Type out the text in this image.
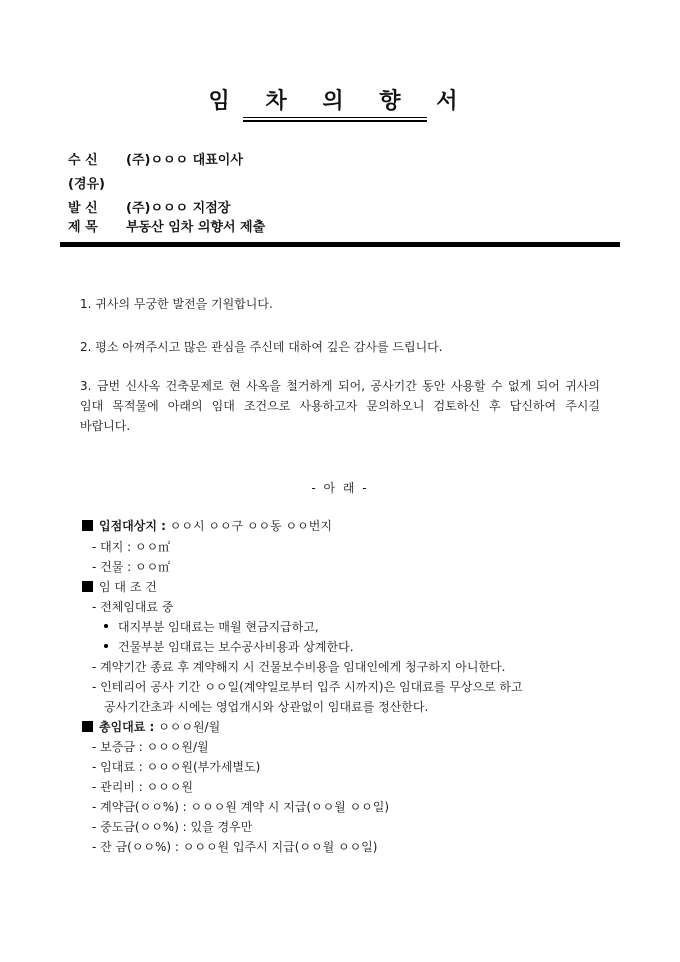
임 차 의 향 서
수 신 (주)ㅇㅇㅇ 대표이사
(경유)
발 신 (주)ㅇㅇㅇ 지점장
제 목 부동산 임차 의향서 제출
1. 귀사의 무궁한 발전을 기원합니다.
2. 평소 아껴주시고 많은 관심을 주신데 대하여 깊은 감사를 드립니다.
3. 금번 신사옥 건축문제로 현 사옥을 철거하게 되어, 공사기간 동안 사용할 수 없게 되어 귀사의 임대 목적물에 아래의 임대 조건으로 사용하고자 문의하오니 검토하신 후 답신하여 주시길 바랍니다.
- 아 래 -
입점대상지 : ㅇㅇ시 ㅇㅇ구 ㅇㅇ동 ㅇㅇ번지
- 대지 : ㅇㅇ㎡
- 건물 : ㅇㅇ㎡
임 대 조 건
- 전체임대료 중
대지부분 임대료는 매월 현금지급하고,
건물부분 임대료는 보수공사비용과 상계한다.
- 계약기간 종료 후 계약해지 시 건물보수비용을 임대인에게 청구하지 아니한다.
- 인테리어 공사 기간 ㅇㅇ일(계약일로부터 입주 시까지)은 임대료를 무상으로 하고
공사기간초과 시에는 영업개시와 상관없이 임대료를 정산한다.
총임대료 : ㅇㅇㅇ원/월
- 보증금 : ㅇㅇㅇ원/월
- 임대료 : ㅇㅇㅇ원(부가세별도)
- 관리비 : ㅇㅇㅇ원
- 계약금(ㅇㅇ%) : ㅇㅇㅇ원 계약 시 지급(ㅇㅇ월 ㅇㅇ일)
- 중도금(ㅇㅇ%) : 있을 경우만
- 잔 금(ㅇㅇ%) : ㅇㅇㅇ원 입주시 지급(ㅇㅇ월 ㅇㅇ일)
